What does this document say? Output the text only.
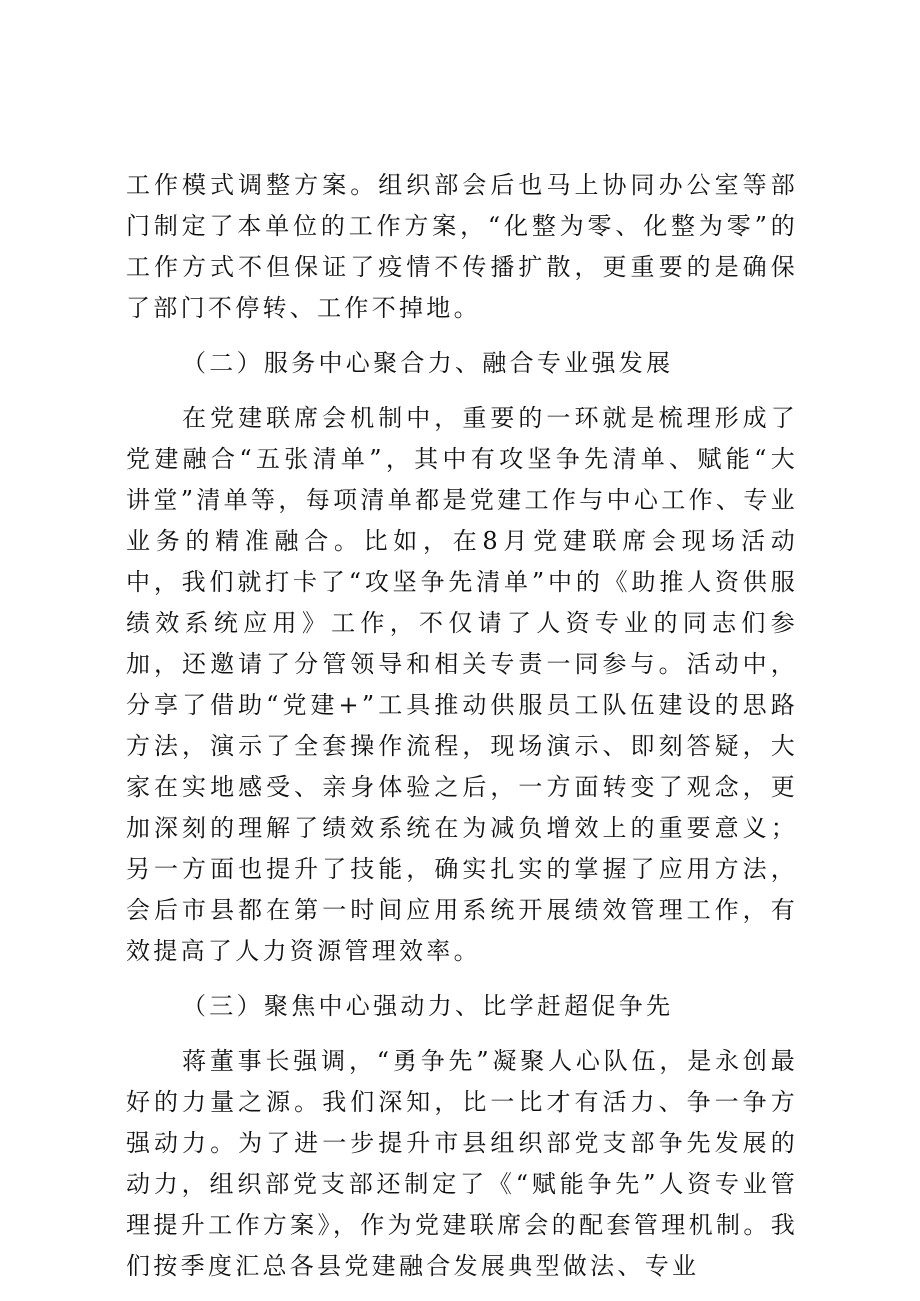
工作模式调整方案。组织部会后也马上协同办公室等部门制定了本单位的工作方案，“化整为零、化整为零”的工作方式不但保证了疫情不传播扩散，更重要的是确保了部门不停转、工作不掉地。

（二）服务中心聚合力、融合专业强发展

在党建联席会机制中，重要的一环就是梳理形成了党建融合“五张清单”，其中有攻坚争先清单、赋能“大讲堂”清单等，每项清单都是党建工作与中心工作、专业业务的精准融合。比如，在8月党建联席会现场活动中，我们就打卡了“攻坚争先清单”中的《助推人资供服绩效系统应用》工作，不仅请了人资专业的同志们参加，还邀请了分管领导和相关专责一同参与。活动中，分享了借助“党建+”工具推动供服员工队伍建设的思路方法，演示了全套操作流程，现场演示、即刻答疑，大家在实地感受、亲身体验之后，一方面转变了观念，更加深刻的理解了绩效系统在为减负增效上的重要意义；另一方面也提升了技能，确实扎实的掌握了应用方法，会后市县都在第一时间应用系统开展绩效管理工作，有效提高了人力资源管理效率。

（三）聚焦中心强动力、比学赶超促争先

蒋董事长强调，“勇争先”凝聚人心队伍，是永创最好的力量之源。我们深知，比一比才有活力、争一争方强动力。为了进一步提升市县组织部党支部争先发展的动力，组织部党支部还制定了《“赋能争先”人资专业管理提升工作方案》，作为党建联席会的配套管理机制。我们按季度汇总各县党建融合发展典型做法、专业
